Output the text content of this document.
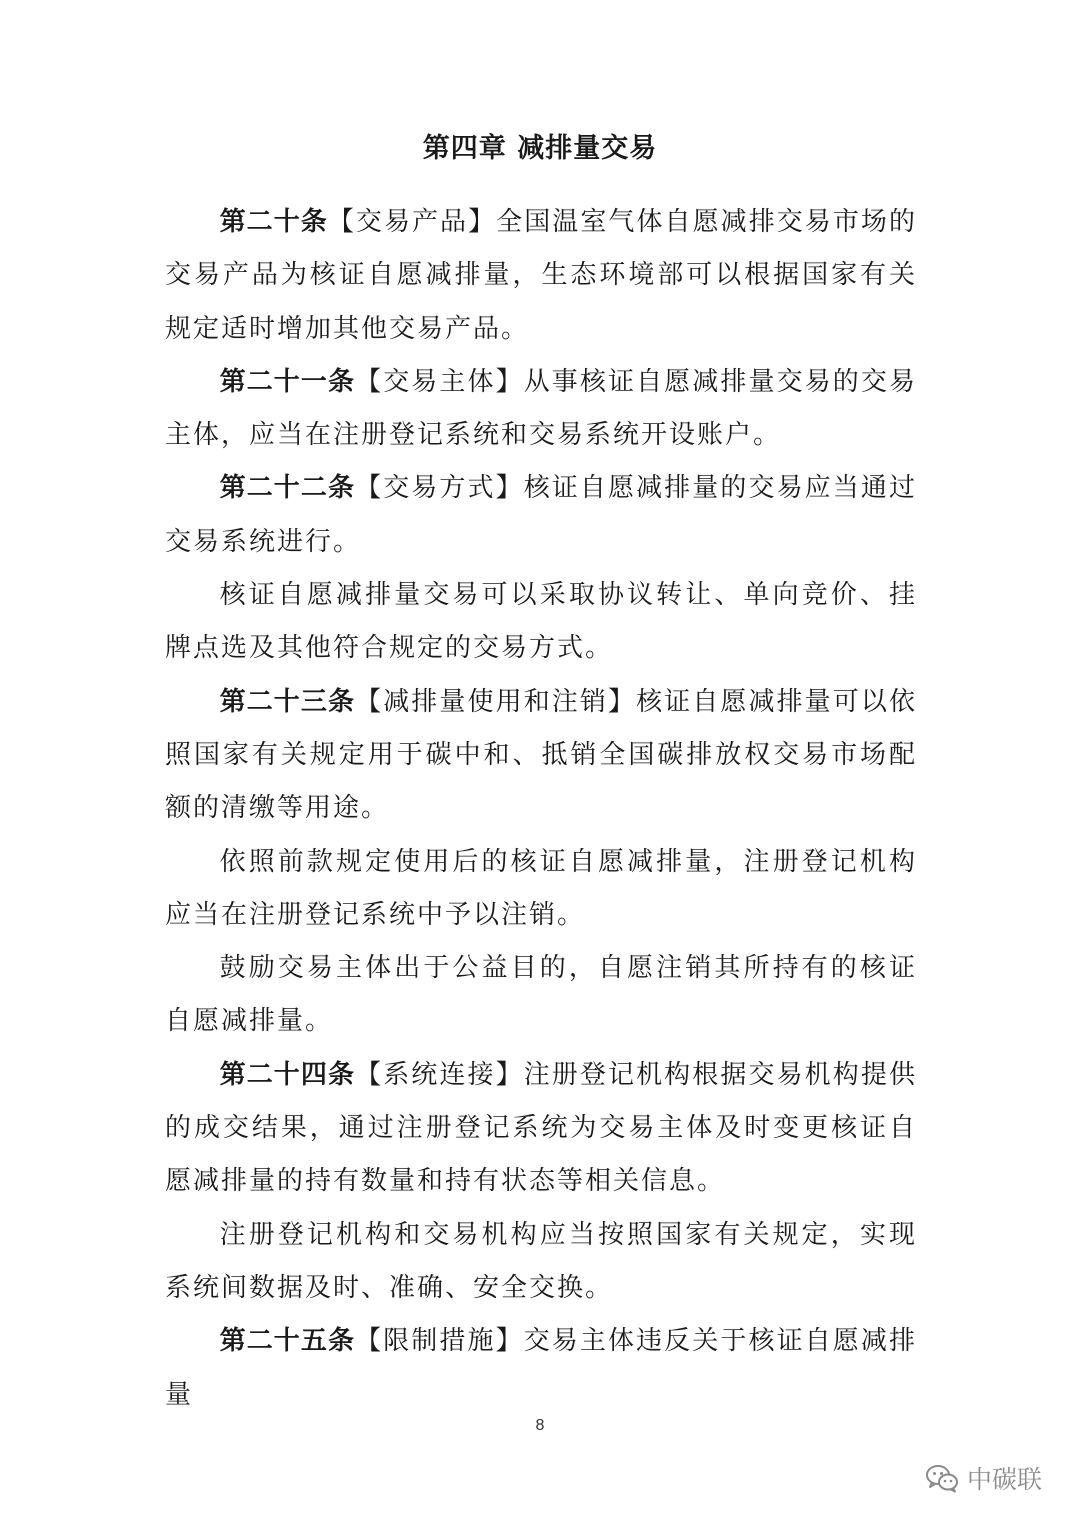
第四章 减排量交易

第二十条【交易产品】全国温室气体自愿减排交易市场的交易产品为核证自愿减排量，生态环境部可以根据国家有关规定适时增加其他交易产品。

第二十一条【交易主体】从事核证自愿减排量交易的交易主体，应当在注册登记系统和交易系统开设账户。

第二十二条【交易方式】核证自愿减排量的交易应当通过交易系统进行。

核证自愿减排量交易可以采取协议转让、单向竞价、挂牌点选及其他符合规定的交易方式。

第二十三条【减排量使用和注销】核证自愿减排量可以依照国家有关规定用于碳中和、抵销全国碳排放权交易市场配额的清缴等用途。

依照前款规定使用后的核证自愿减排量，注册登记机构应当在注册登记系统中予以注销。

鼓励交易主体出于公益目的，自愿注销其所持有的核证自愿减排量。

第二十四条【系统连接】注册登记机构根据交易机构提供的成交结果，通过注册登记系统为交易主体及时变更核证自愿减排量的持有数量和持有状态等相关信息。

注册登记机构和交易机构应当按照国家有关规定，实现系统间数据及时、准确、安全交换。

第二十五条【限制措施】交易主体违反关于核证自愿减排量

8
中碳联
